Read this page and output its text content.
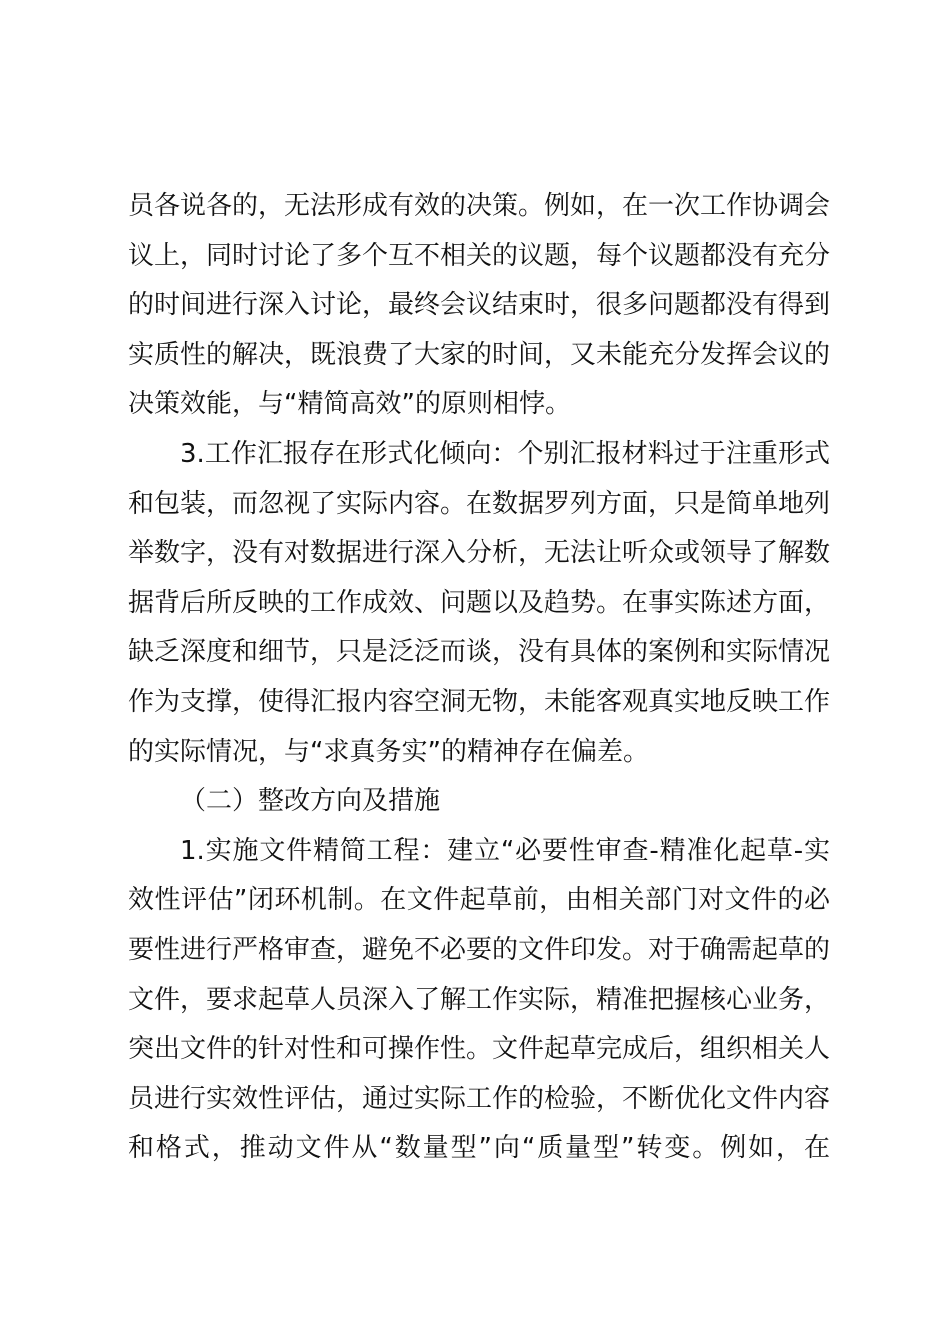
员各说各的，无法形成有效的决策。例如，在一次工作协调会
议上，同时讨论了多个互不相关的议题，每个议题都没有充分
的时间进行深入讨论，最终会议结束时，很多问题都没有得到
实质性的解决，既浪费了大家的时间，又未能充分发挥会议的
决策效能，与“精简高效”的原则相悖。
3.工作汇报存在形式化倾向：个别汇报材料过于注重形式
和包装，而忽视了实际内容。在数据罗列方面，只是简单地列
举数字，没有对数据进行深入分析，无法让听众或领导了解数
据背后所反映的工作成效、问题以及趋势。在事实陈述方面，
缺乏深度和细节，只是泛泛而谈，没有具体的案例和实际情况
作为支撑，使得汇报内容空洞无物，未能客观真实地反映工作
的实际情况，与“求真务实”的精神存在偏差。
（二）整改方向及措施
1.实施文件精简工程：建立“必要性审查-精准化起草-实
效性评估”闭环机制。在文件起草前，由相关部门对文件的必
要性进行严格审查，避免不必要的文件印发。对于确需起草的
文件，要求起草人员深入了解工作实际，精准把握核心业务，
突出文件的针对性和可操作性。文件起草完成后，组织相关人
员进行实效性评估，通过实际工作的检验，不断优化文件内容
和格式，推动文件从“数量型”向“质量型”转变。例如，在
